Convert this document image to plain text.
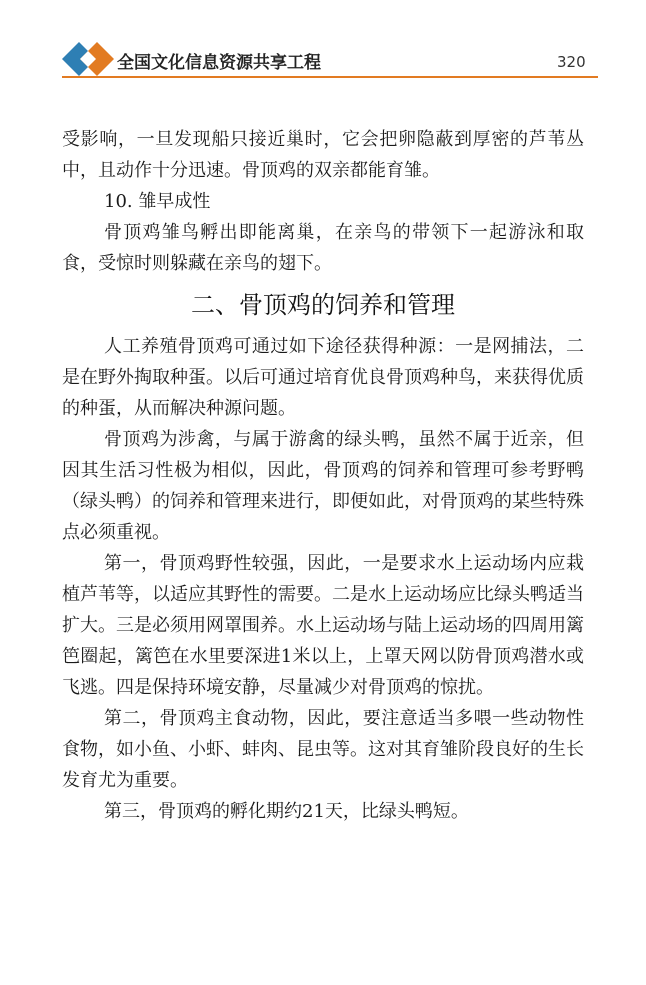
全国文化信息资源共享工程	320

受影响，一旦发现船只接近巢时，它会把卵隐蔽到厚密的芦苇丛中，且动作十分迅速。骨顶鸡的双亲都能育雏。

10. 雏早成性

骨顶鸡雏鸟孵出即能离巢，在亲鸟的带领下一起游泳和取食，受惊时则躲藏在亲鸟的翅下。

二、骨顶鸡的饲养和管理

人工养殖骨顶鸡可通过如下途径获得种源：一是网捕法，二是在野外掏取种蛋。以后可通过培育优良骨顶鸡种鸟，来获得优质的种蛋，从而解决种源问题。

骨顶鸡为涉禽，与属于游禽的绿头鸭，虽然不属于近亲，但因其生活习性极为相似，因此，骨顶鸡的饲养和管理可参考野鸭（绿头鸭）的饲养和管理来进行，即便如此，对骨顶鸡的某些特殊点必须重视。

第一，骨顶鸡野性较强，因此，一是要求水上运动场内应栽植芦苇等，以适应其野性的需要。二是水上运动场应比绿头鸭适当扩大。三是必须用网罩围养。水上运动场与陆上运动场的四周用篱笆圈起，篱笆在水里要深进1米以上，上罩天网以防骨顶鸡潜水或飞逃。四是保持环境安静，尽量减少对骨顶鸡的惊扰。

第二，骨顶鸡主食动物，因此，要注意适当多喂一些动物性食物，如小鱼、小虾、蚌肉、昆虫等。这对其育雏阶段良好的生长发育尤为重要。

第三，骨顶鸡的孵化期约21天，比绿头鸭短。
